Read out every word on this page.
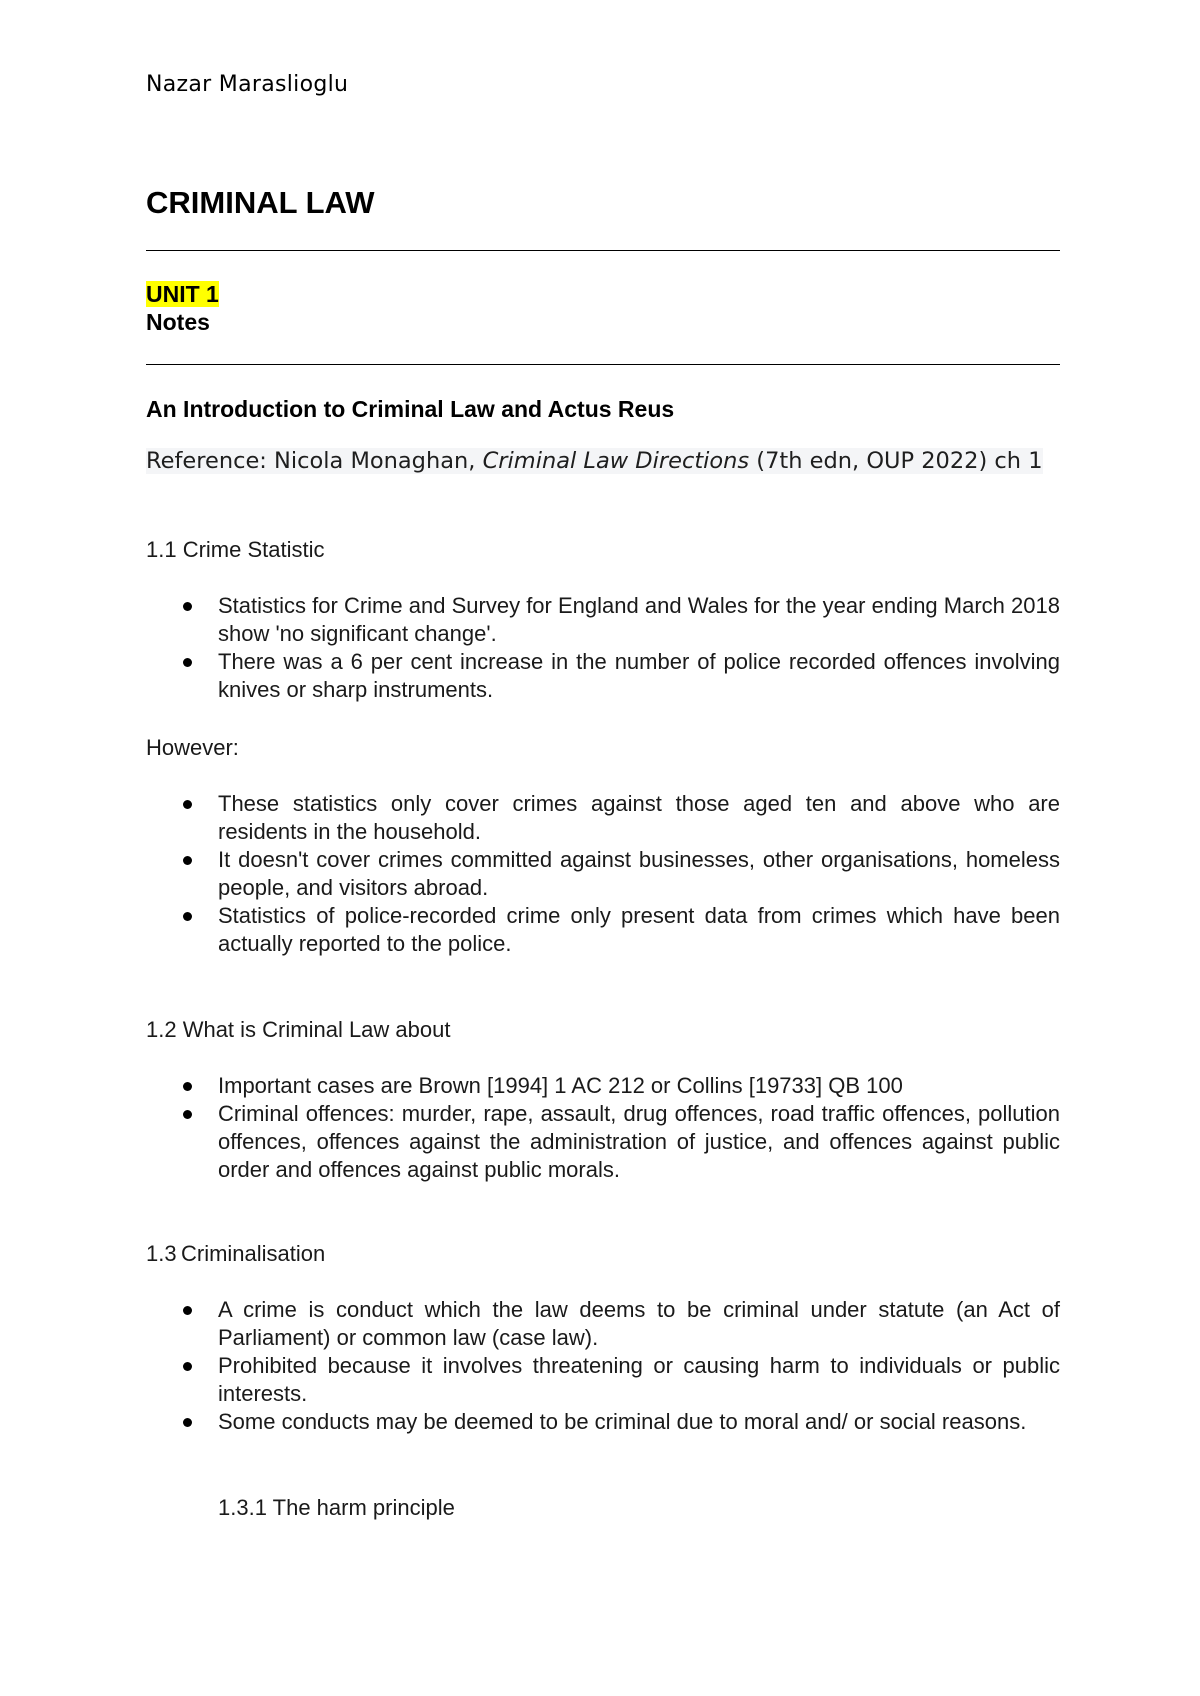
Nazar Maraslioglu
CRIMINAL LAW
UNIT 1
Notes
An Introduction to Criminal Law and Actus Reus
Reference: Nicola Monaghan, Criminal Law Directions (7th edn, OUP 2022) ch 1
1.1 Crime Statistic
Statistics for Crime and Survey for England and Wales for the year ending March 2018 show 'no significant change'.
There was a 6 per cent increase in the number of police recorded offences involving knives or sharp instruments.
However:
These statistics only cover crimes against those aged ten and above who are residents in the household.
It doesn't cover crimes committed against businesses, other organisations, homeless people, and visitors abroad.
Statistics of police-recorded crime only present data from crimes which have been actually reported to the police.
1.2 What is Criminal Law about
Important cases are Brown [1994] 1 AC 212 or Collins [19733] QB 100
Criminal offences: murder, rape, assault, drug offences, road traffic offences, pollution offences, offences against the administration of justice, and offences against public order and offences against public morals.
1.3 Criminalisation
A crime is conduct which the law deems to be criminal under statute (an Act of Parliament) or common law (case law).
Prohibited because it involves threatening or causing harm to individuals or public interests.
Some conducts may be deemed to be criminal due to moral and/ or social reasons.
1.3.1 The harm principle
